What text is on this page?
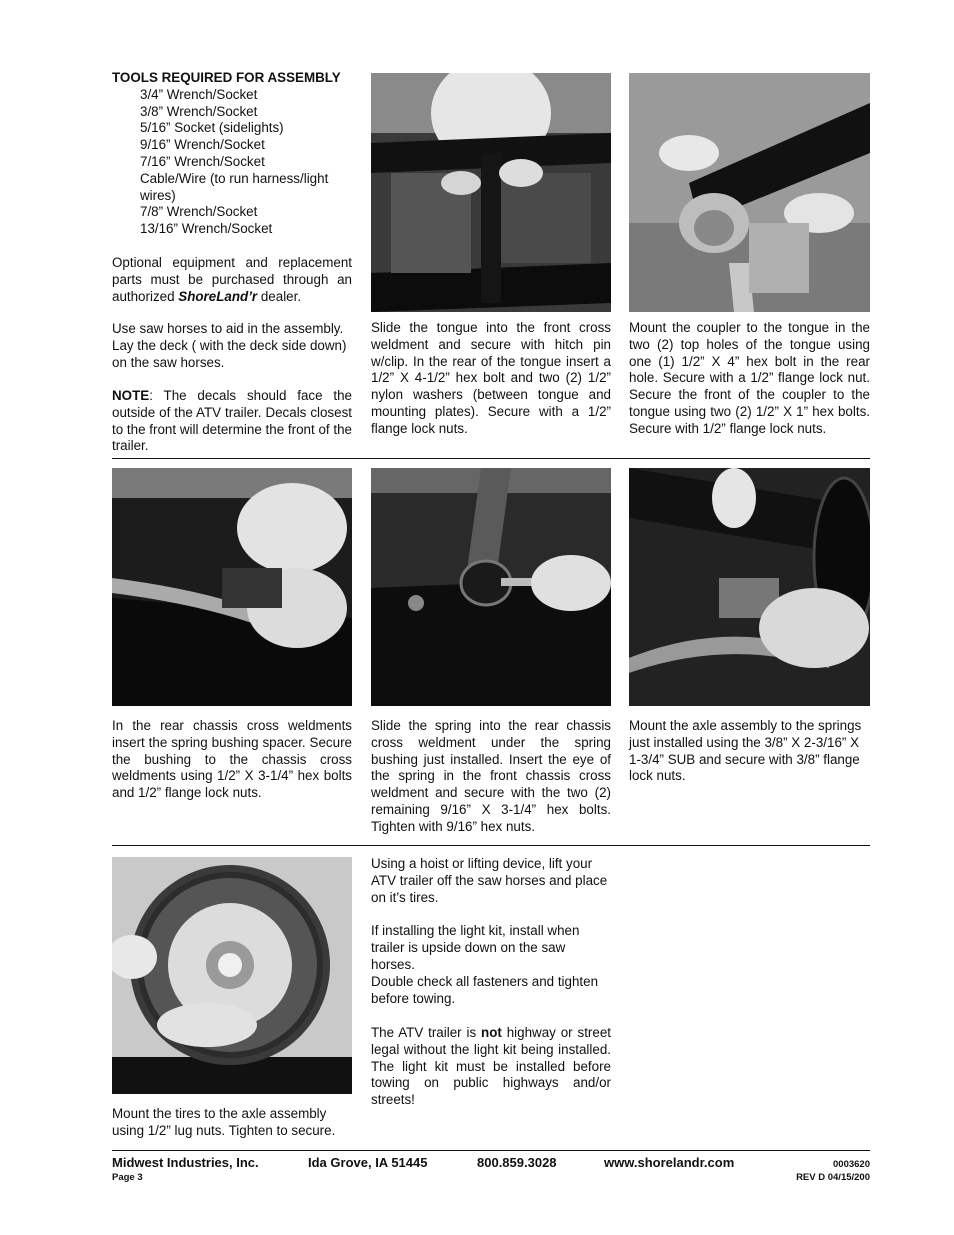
TOOLS REQUIRED FOR ASSEMBLY
3/4” Wrench/Socket
3/8” Wrench/Socket
5/16” Socket (sidelights)
9/16” Wrench/Socket
7/16” Wrench/Socket
Cable/Wire (to run harness/light wires)
7/8” Wrench/Socket
13/16” Wrench/Socket
Optional equipment and replacement parts must be purchased through an authorized ShoreLand’r dealer.
Use saw horses to aid in the assembly. Lay the deck ( with the deck side down) on the saw horses.
NOTE: The decals should face the outside of the ATV trailer. Decals closest to the front will determine the front of the trailer.
Slide the tongue into the front cross weldment and secure with hitch pin w/clip. In the rear of the tongue insert a 1/2” X 4-1/2” hex bolt and two (2) 1/2” nylon washers (between tongue and mounting plates). Secure with a 1/2” flange lock nuts.
Mount the coupler to the tongue in the two (2) top holes of the tongue using one (1) 1/2” X 4” hex bolt in the rear hole. Secure with a 1/2” flange lock nut. Secure the front of the coupler to the tongue using two (2) 1/2” X 1” hex bolts. Secure with 1/2” flange lock nuts.
In the rear chassis cross weldments insert the spring bushing spacer. Secure the bushing to the chassis cross weldments using 1/2” X 3-1/4” hex bolts and 1/2” flange lock nuts.
Slide the spring into the rear chassis cross weldment under the spring bushing just installed. Insert the eye of the spring in the front chassis cross weldment and secure with the two (2) remaining 9/16” X 3-1/4” hex bolts. Tighten with 9/16” hex nuts.
Mount the axle assembly to the springs just installed using the 3/8” X 2-3/16” X 1-3/4” SUB and secure with 3/8” flange lock nuts.
Mount the tires to the axle assembly using 1/2” lug nuts. Tighten to secure.
Using a hoist or lifting device, lift your ATV trailer off the saw horses and place on it’s tires.
If installing the light kit, install when trailer is upside down on the saw horses.
Double check all fasteners and tighten before towing.
The ATV trailer is not highway or street legal without the light kit being installed. The light kit must be installed before towing on public highways and/or streets!
Midwest Industries, Inc.	Ida Grove, IA 51445	800.859.3028	www.shorelandr.com
Page 3
0003620
REV D 04/15/200
